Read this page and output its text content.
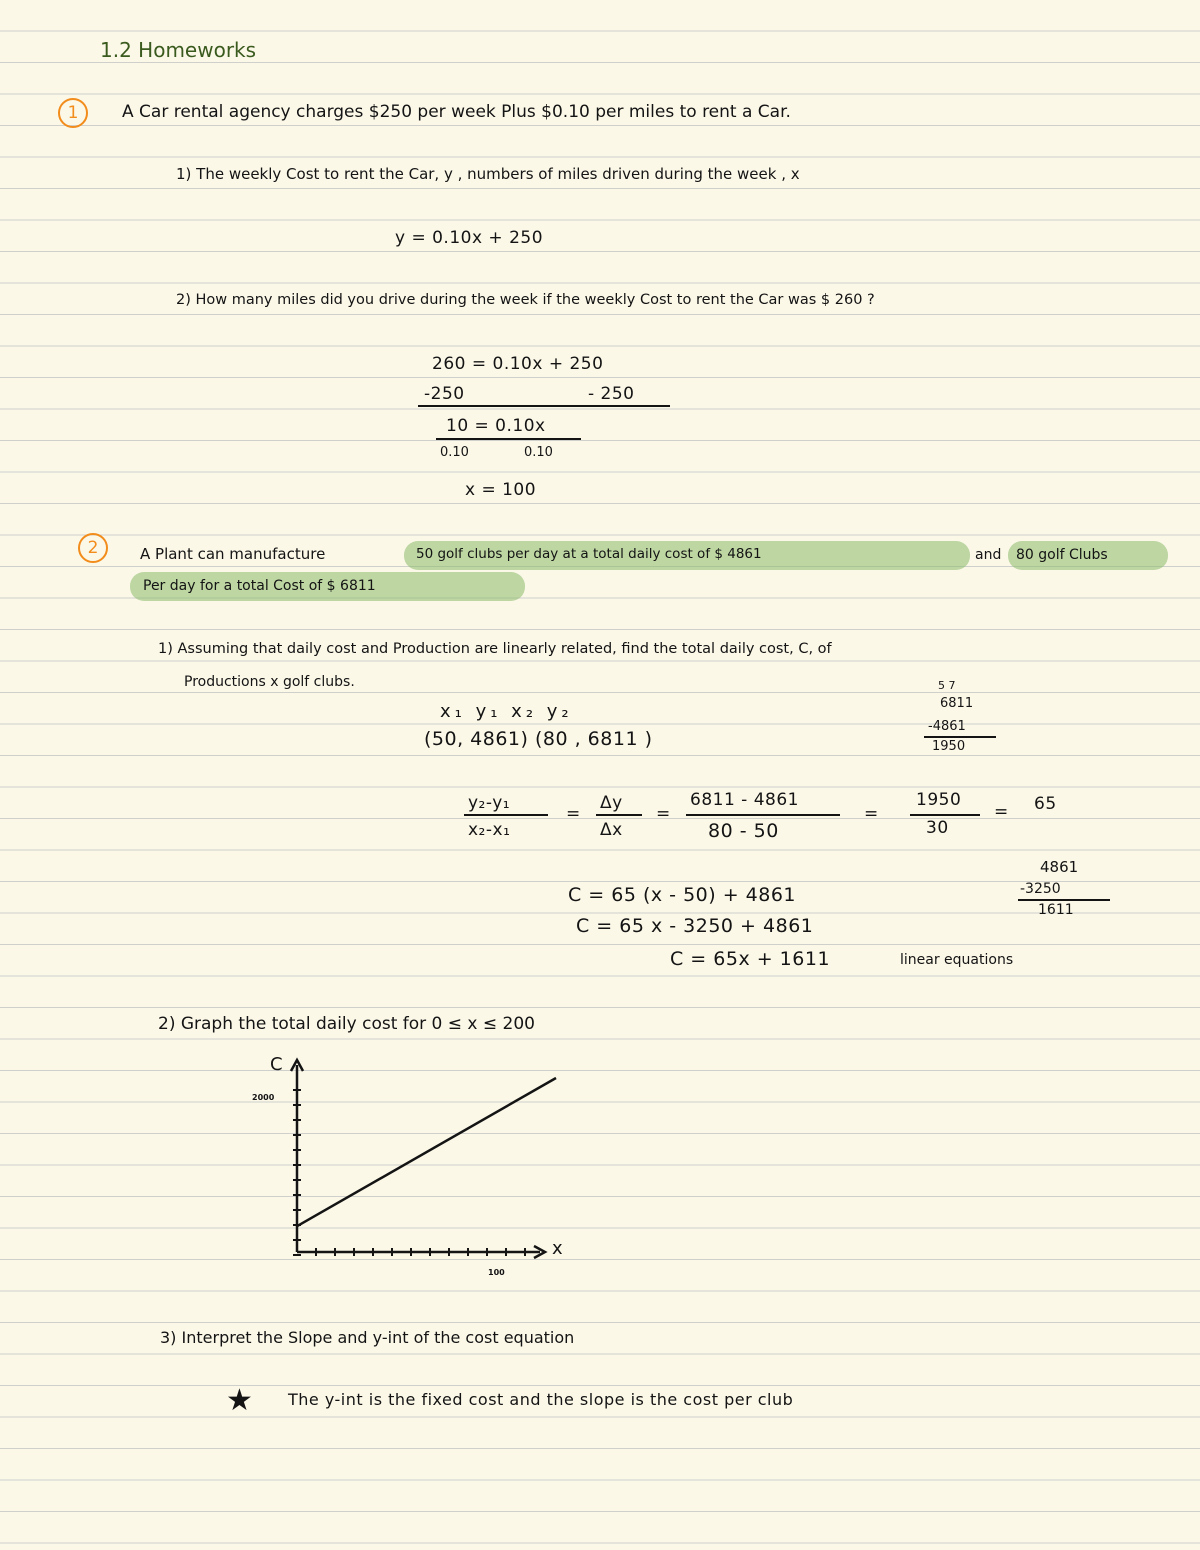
1.2 Homeworks
1	A Car rental agency charges $250 per week Plus $0.10 per miles to rent a Car.
1) The weekly Cost to rent the Car, y , numbers of miles driven during the week , x
y = 0.10x + 250
2) How many miles did you drive during the week if the weekly Cost to rent the Car was $ 260 ?
260 = 0.10x + 250
-250	- 250
10 = 0.10x
0.10	0.10
x = 100
2	A Plant can manufacture	50 golf clubs per day at a total daily cost of $ 4861	and 80 golf Clubs
Per day for a total Cost of $ 6811
1) Assuming that daily cost and Production are linearly related, find the total daily cost, C, of
Productions x golf clubs.
x₁ y₁ x₂ y₂
(50, 4861) (80 , 6811 )
5 7
6811
-4861
1950
y₂-y₁
x₂-x₁
=
Δy
Δx
=
6811 - 4861
80 - 50
=
1950
30
= 65
4861
-3250
1611
C = 65 (x - 50) + 4861
C = 65 x - 3250 + 4861
C = 65x + 1611	linear equations
2) Graph the total daily cost for 0 ≤ x ≤ 200
C
x
2000
100
3) Interpret the Slope and y-int of the cost equation
★ The y-int is the fixed cost and the slope is the cost per club
